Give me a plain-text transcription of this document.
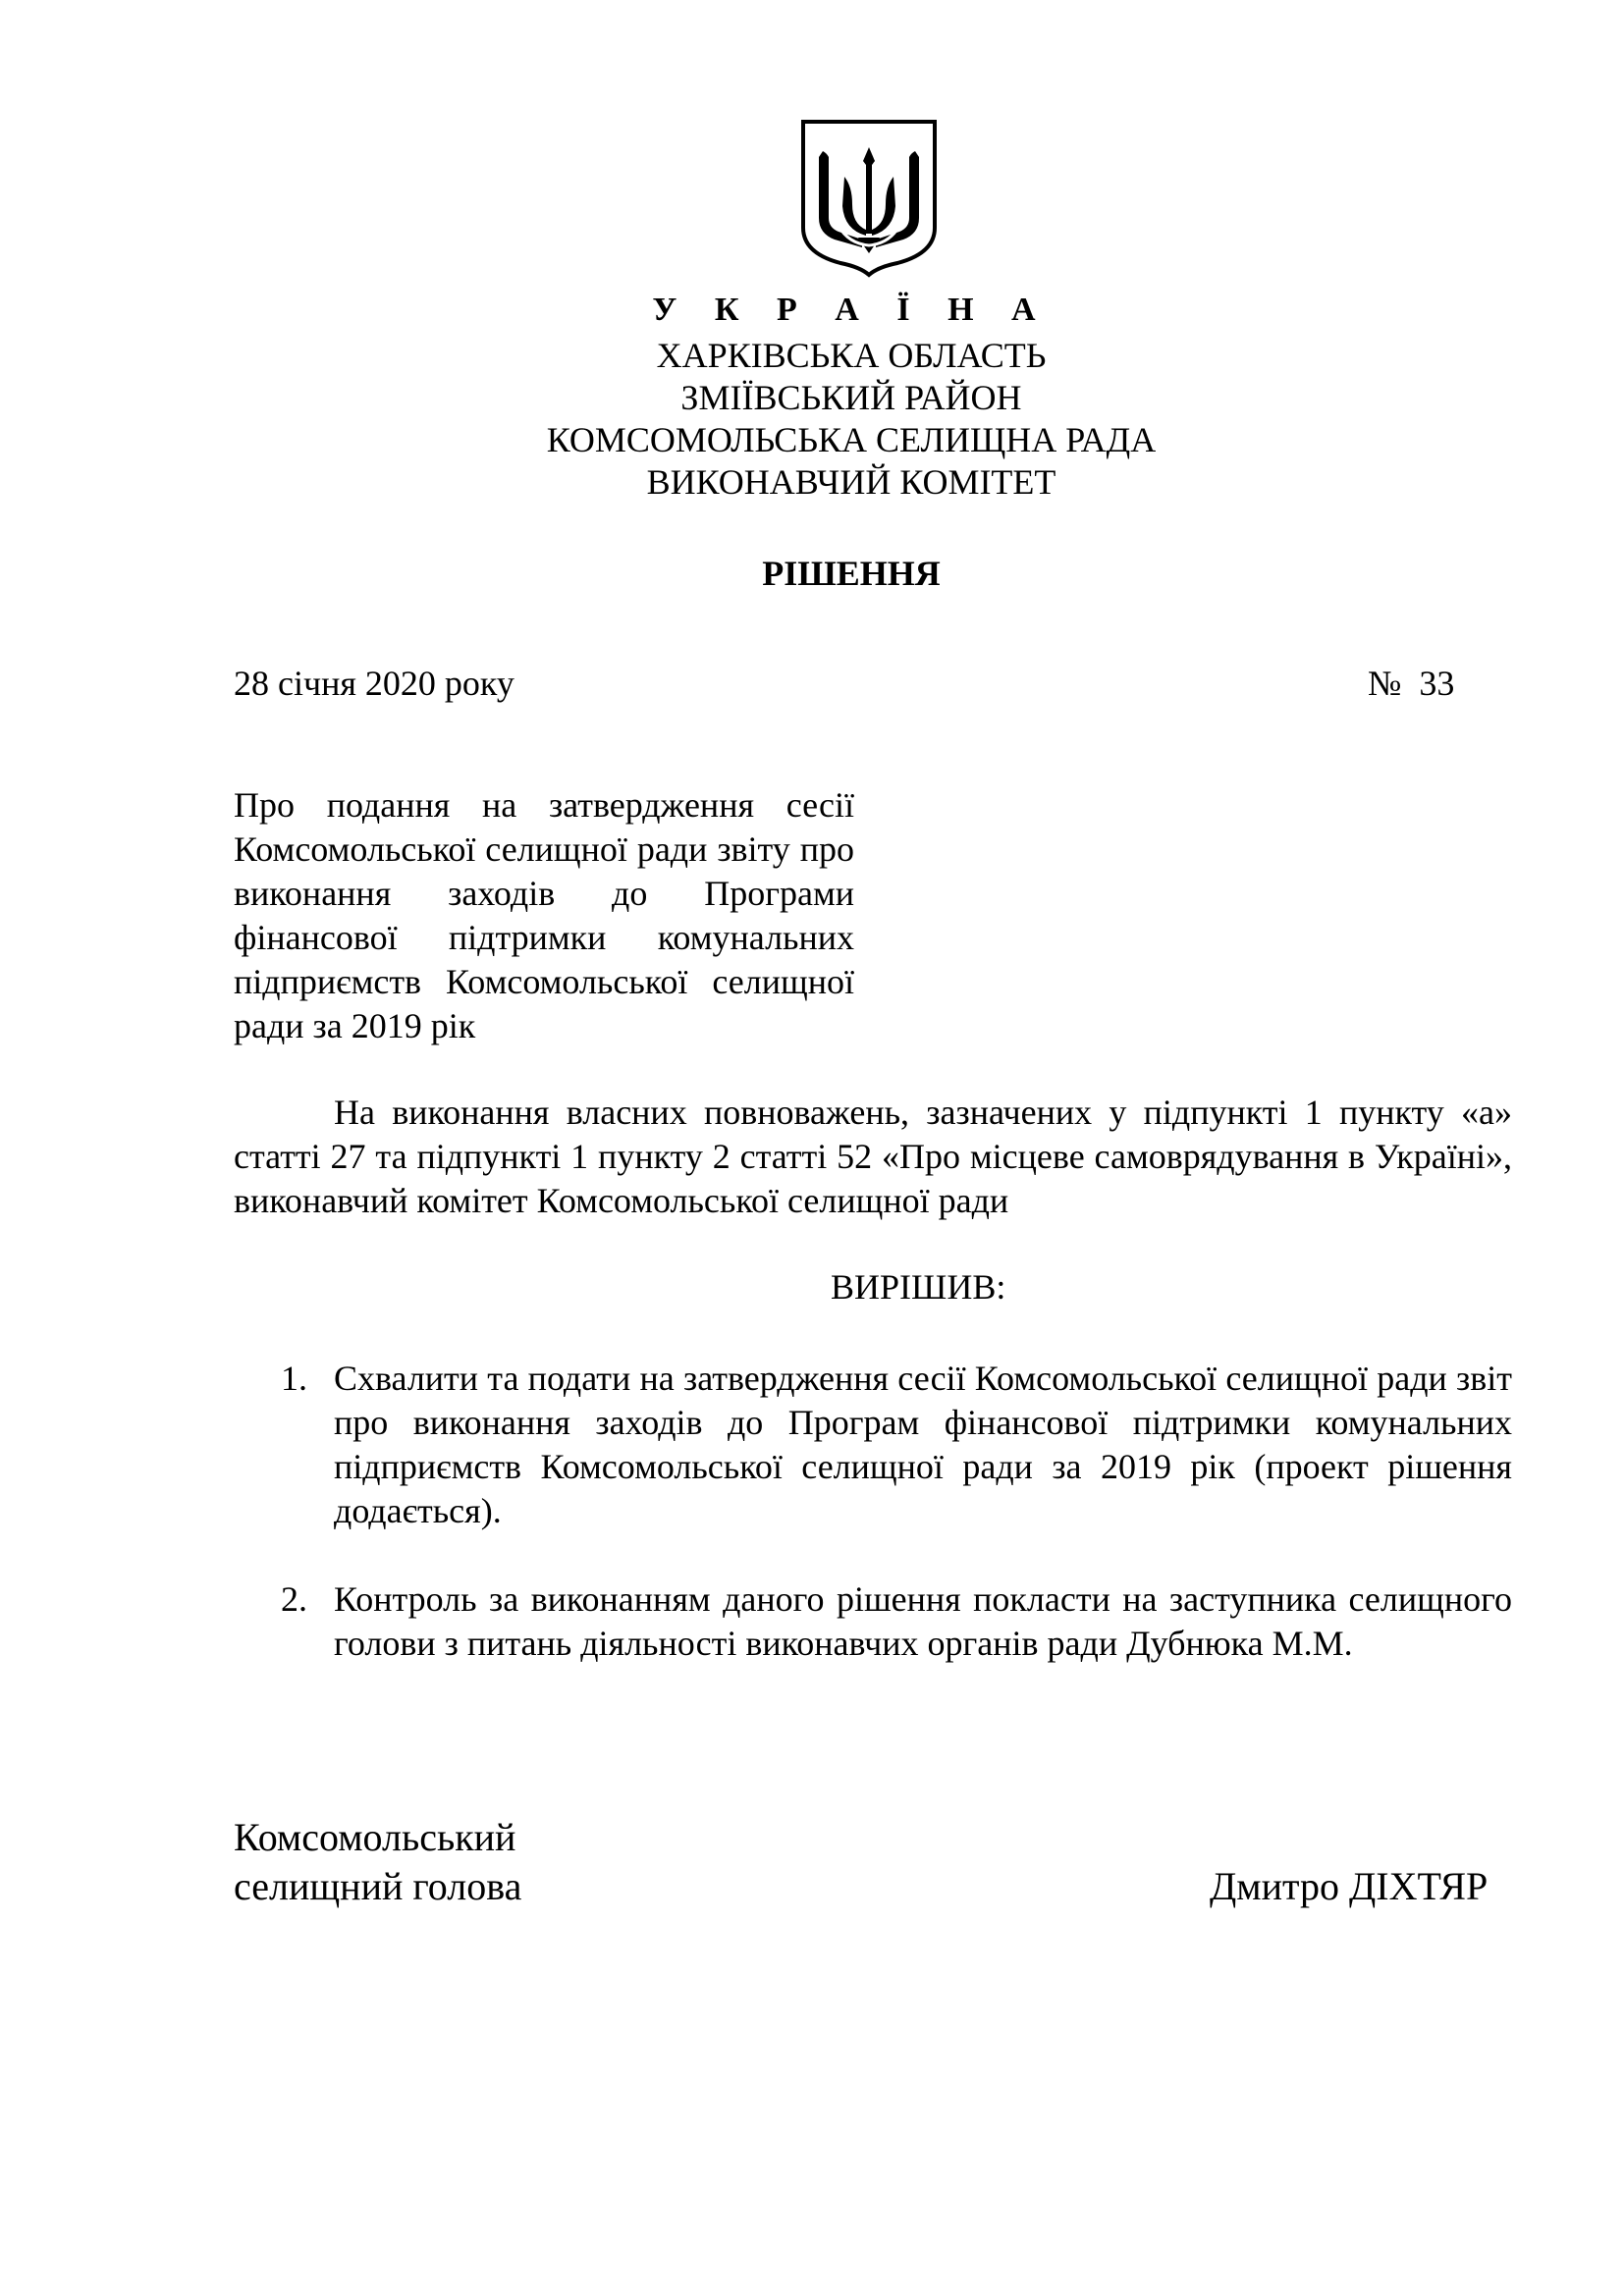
У К Р А Ї Н А
ХАРКІВСЬКА ОБЛАСТЬ
ЗМІЇВСЬКИЙ РАЙОН
КОМСОМОЛЬСЬКА СЕЛИЩНА РАДА
ВИКОНАВЧИЙ КОМІТЕТ
РІШЕННЯ
28 січня 2020 року	№  33
Про подання на затвердження сесії Комсомольської селищної ради звіту про виконання заходів до Програми фінансової підтримки комунальних підприємств Комсомольської селищної ради за 2019 рік
На виконання власних повноважень, зазначених у підпункті 1 пункту «а» статті 27 та підпункті 1 пункту 2 статті 52 «Про місцеве самоврядування в Україні», виконавчий комітет Комсомольської селищної ради
ВИРІШИВ:
1. Схвалити та подати на затвердження сесії Комсомольської селищної ради звіт про виконання заходів до Програм фінансової підтримки комунальних підприємств Комсомольської селищної ради за 2019 рік (проект рішення додається).
2. Контроль за виконанням даного рішення покласти на заступника селищного голови з питань діяльності виконавчих органів ради Дубнюка М.М.
Комсомольський
селищний голова	Дмитро ДІХТЯР
